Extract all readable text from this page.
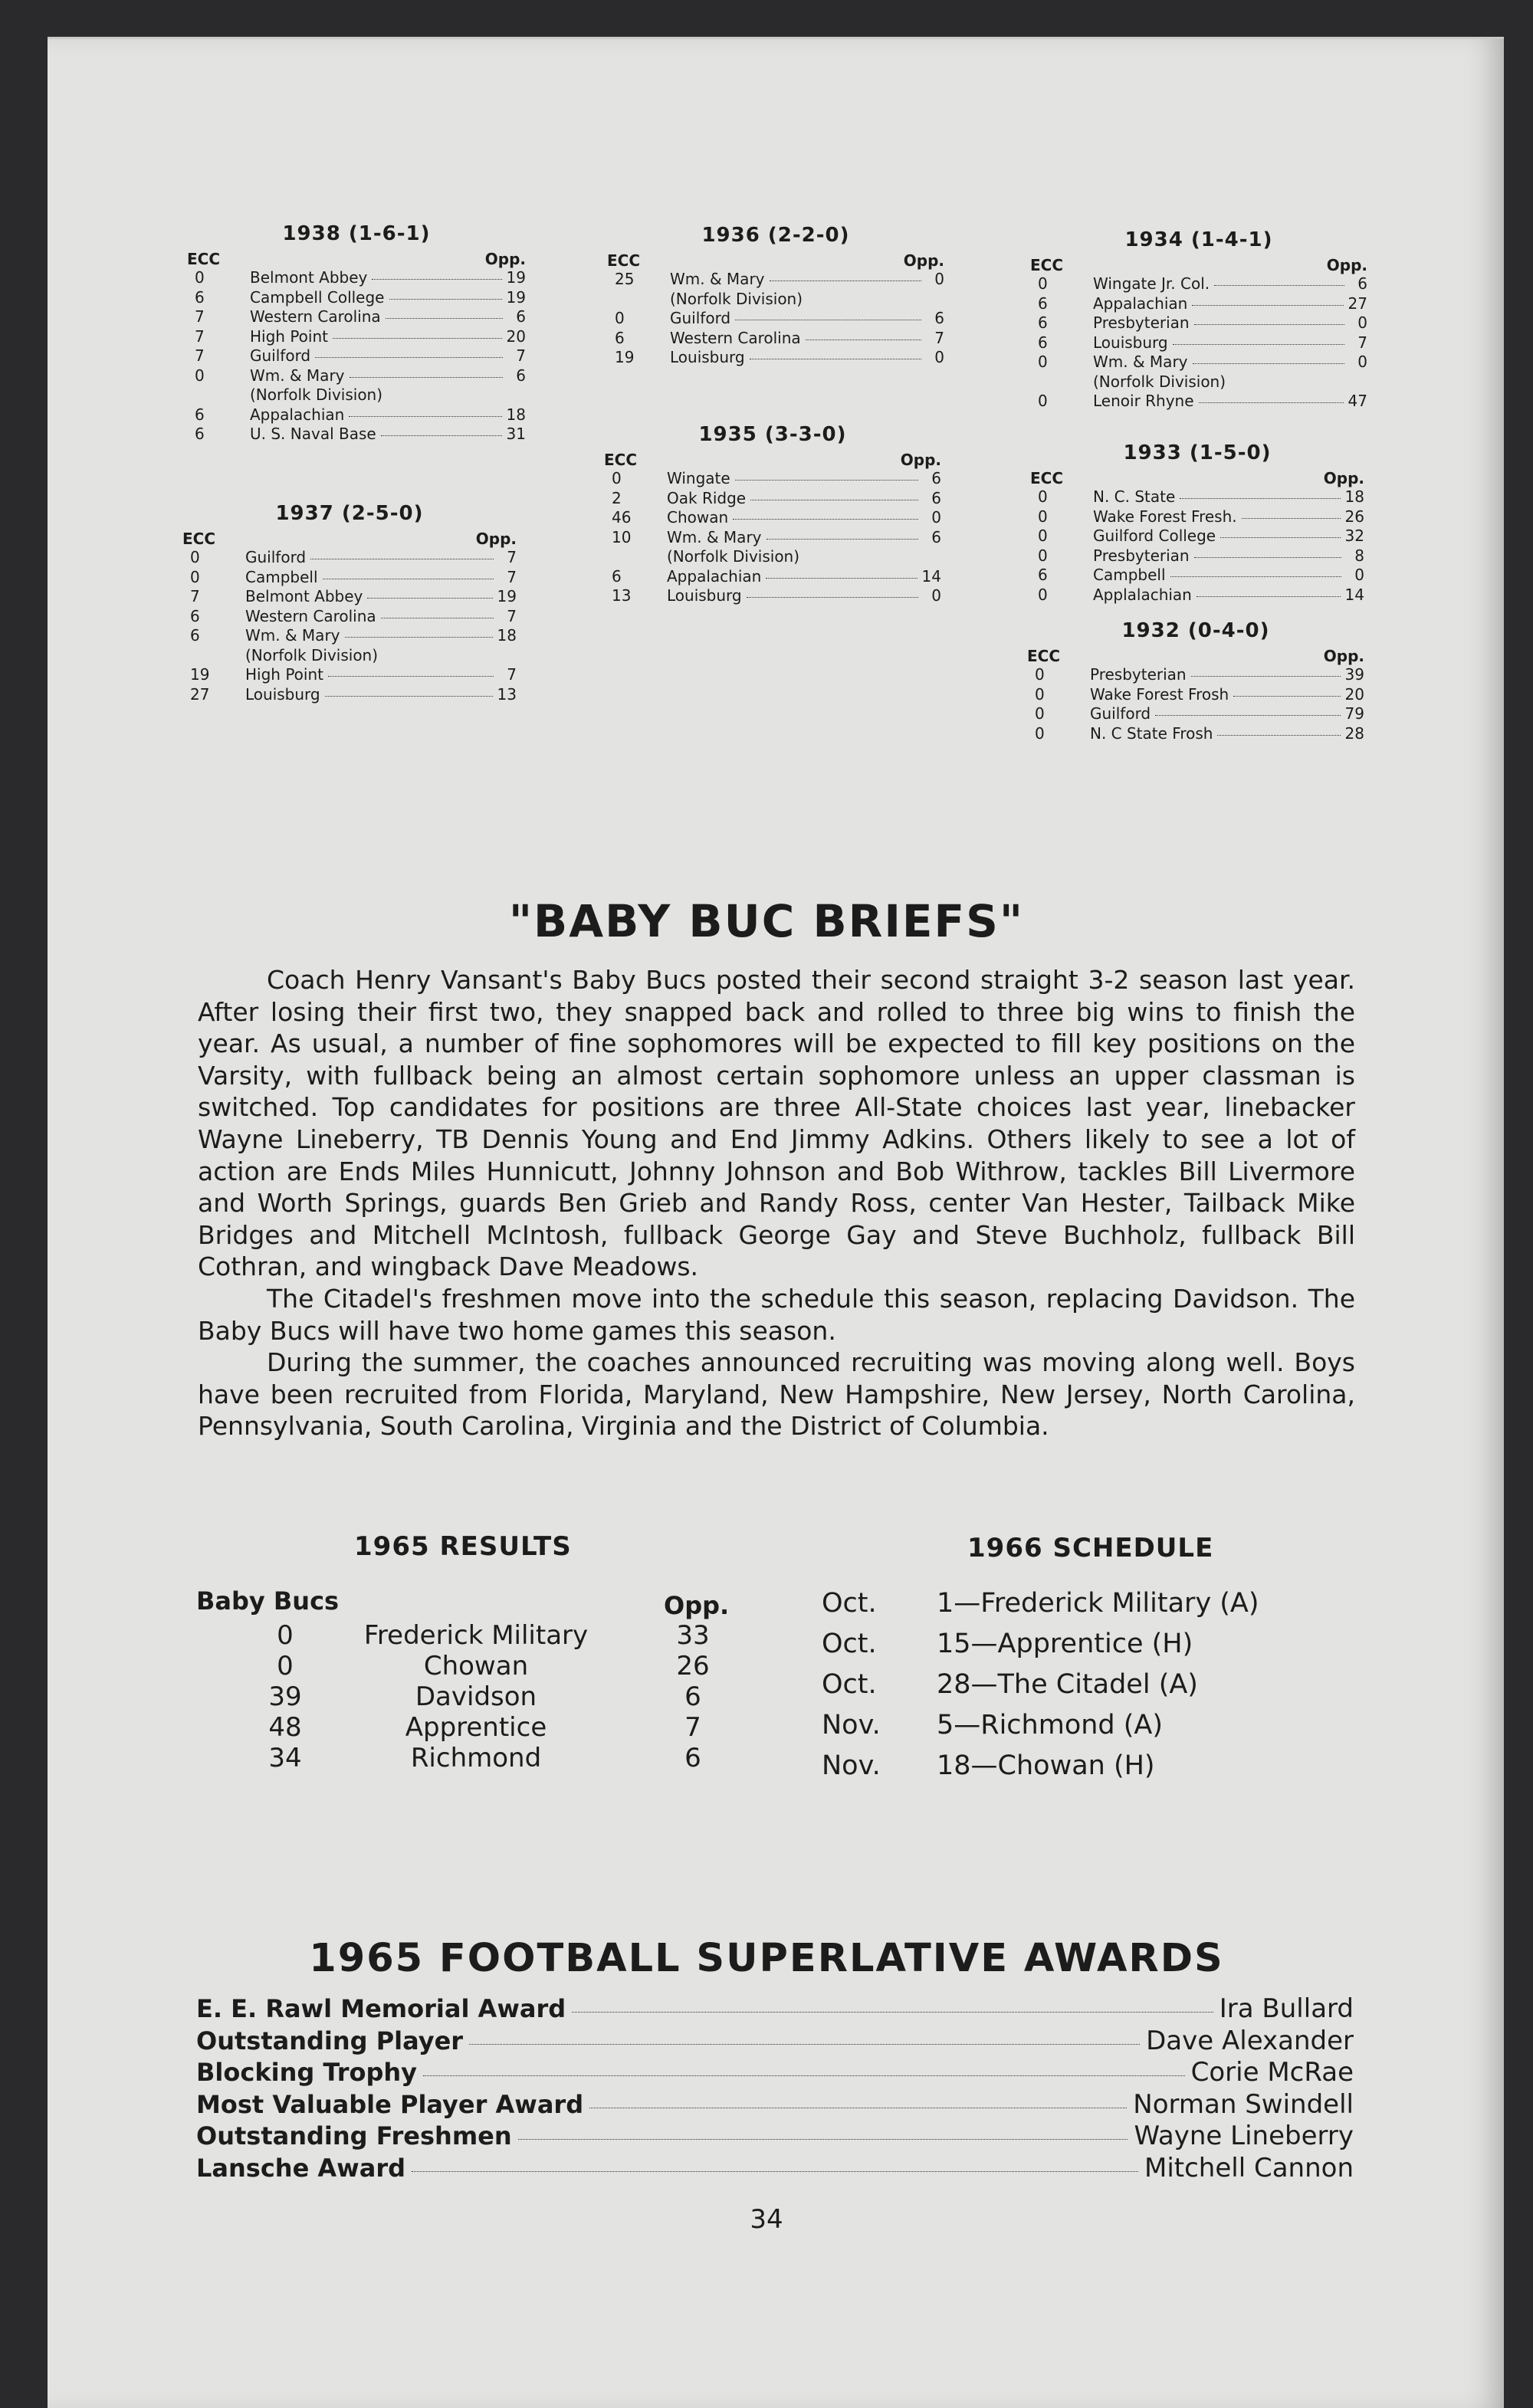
1938 (1-6-1)
ECC	Opp.
0	Belmont Abbey	19
6	Campbell College	19
7	Western Carolina	6
7	High Point	20
7	Guilford	7
0	Wm. & Mary	6
(Norfolk Division)
6	Appalachian	18
6	U. S. Naval Base	31
1937 (2-5-0)
ECC	Opp.
0	Guilford	7
0	Campbell	7
7	Belmont Abbey	19
6	Western Carolina	7
6	Wm. & Mary	18
(Norfolk Division)
19	High Point	7
27	Louisburg	13
1936 (2-2-0)
ECC	Opp.
25	Wm. & Mary	0
(Norfolk Division)
0	Guilford	6
6	Western Carolina	7
19	Louisburg	0
1935 (3-3-0)
ECC	Opp.
0	Wingate	6
2	Oak Ridge	6
46	Chowan	0
10	Wm. & Mary	6
(Norfolk Division)
6	Appalachian	14
13	Louisburg	0
1934 (1-4-1)
ECC	Opp.
0	Wingate Jr. Col.	6
6	Appalachian	27
6	Presbyterian	0
6	Louisburg	7
0	Wm. & Mary	0
(Norfolk Division)
0	Lenoir Rhyne	47
1933 (1-5-0)
ECC	Opp.
0	N. C. State	18
0	Wake Forest Fresh.	26
0	Guilford College	32
0	Presbyterian	8
6	Campbell	0
0	Applalachian	14
1932 (0-4-0)
ECC	Opp.
0	Presbyterian	39
0	Wake Forest Frosh	20
0	Guilford	79
0	N. C State Frosh	28
"BABY BUC BRIEFS"

Coach Henry Vansant's Baby Bucs posted their second straight 3-2 season last year. After losing their first two, they snapped back and rolled to three big wins to finish the year. As usual, a number of fine sophomores will be expected to fill key positions on the Varsity, with fullback being an almost certain sophomore unless an upper classman is switched. Top candidates for positions are three All-State choices last year, linebacker Wayne Lineberry, TB Dennis Young and End Jimmy Adkins. Others likely to see a lot of action are Ends Miles Hunnicutt, Johnny Johnson and Bob Withrow, tackles Bill Livermore and Worth Springs, guards Ben Grieb and Randy Ross, center Van Hester, Tailback Mike Bridges and Mitchell McIntosh, fullback George Gay and Steve Buchholz, fullback Bill Cothran, and wingback Dave Meadows.

The Citadel's freshmen move into the schedule this season, replacing Davidson. The Baby Bucs will have two home games this season.

During the summer, the coaches announced recruiting was moving along well. Boys have been recruited from Florida, Maryland, New Hampshire, New Jersey, North Carolina, Pennsylvania, South Carolina, Virginia and the District of Columbia.

1965 RESULTS
Baby Bucs	Opp.
0	Frederick Military	33
0	Chowan	26
39	Davidson	6
48	Apprentice	7
34	Richmond	6
1966 SCHEDULE
Oct. 1—Frederick Military (A)
Oct. 15—Apprentice (H)
Oct. 28—The Citadel (A)
Nov. 5—Richmond (A)
Nov. 18—Chowan (H)
1965 FOOTBALL SUPERLATIVE AWARDS
E. E. Rawl Memorial Award	Ira Bullard
Outstanding Player	Dave Alexander
Blocking Trophy	Corie McRae
Most Valuable Player Award	Norman Swindell
Outstanding Freshmen	Wayne Lineberry
Lansche Award	Mitchell Cannon
34
